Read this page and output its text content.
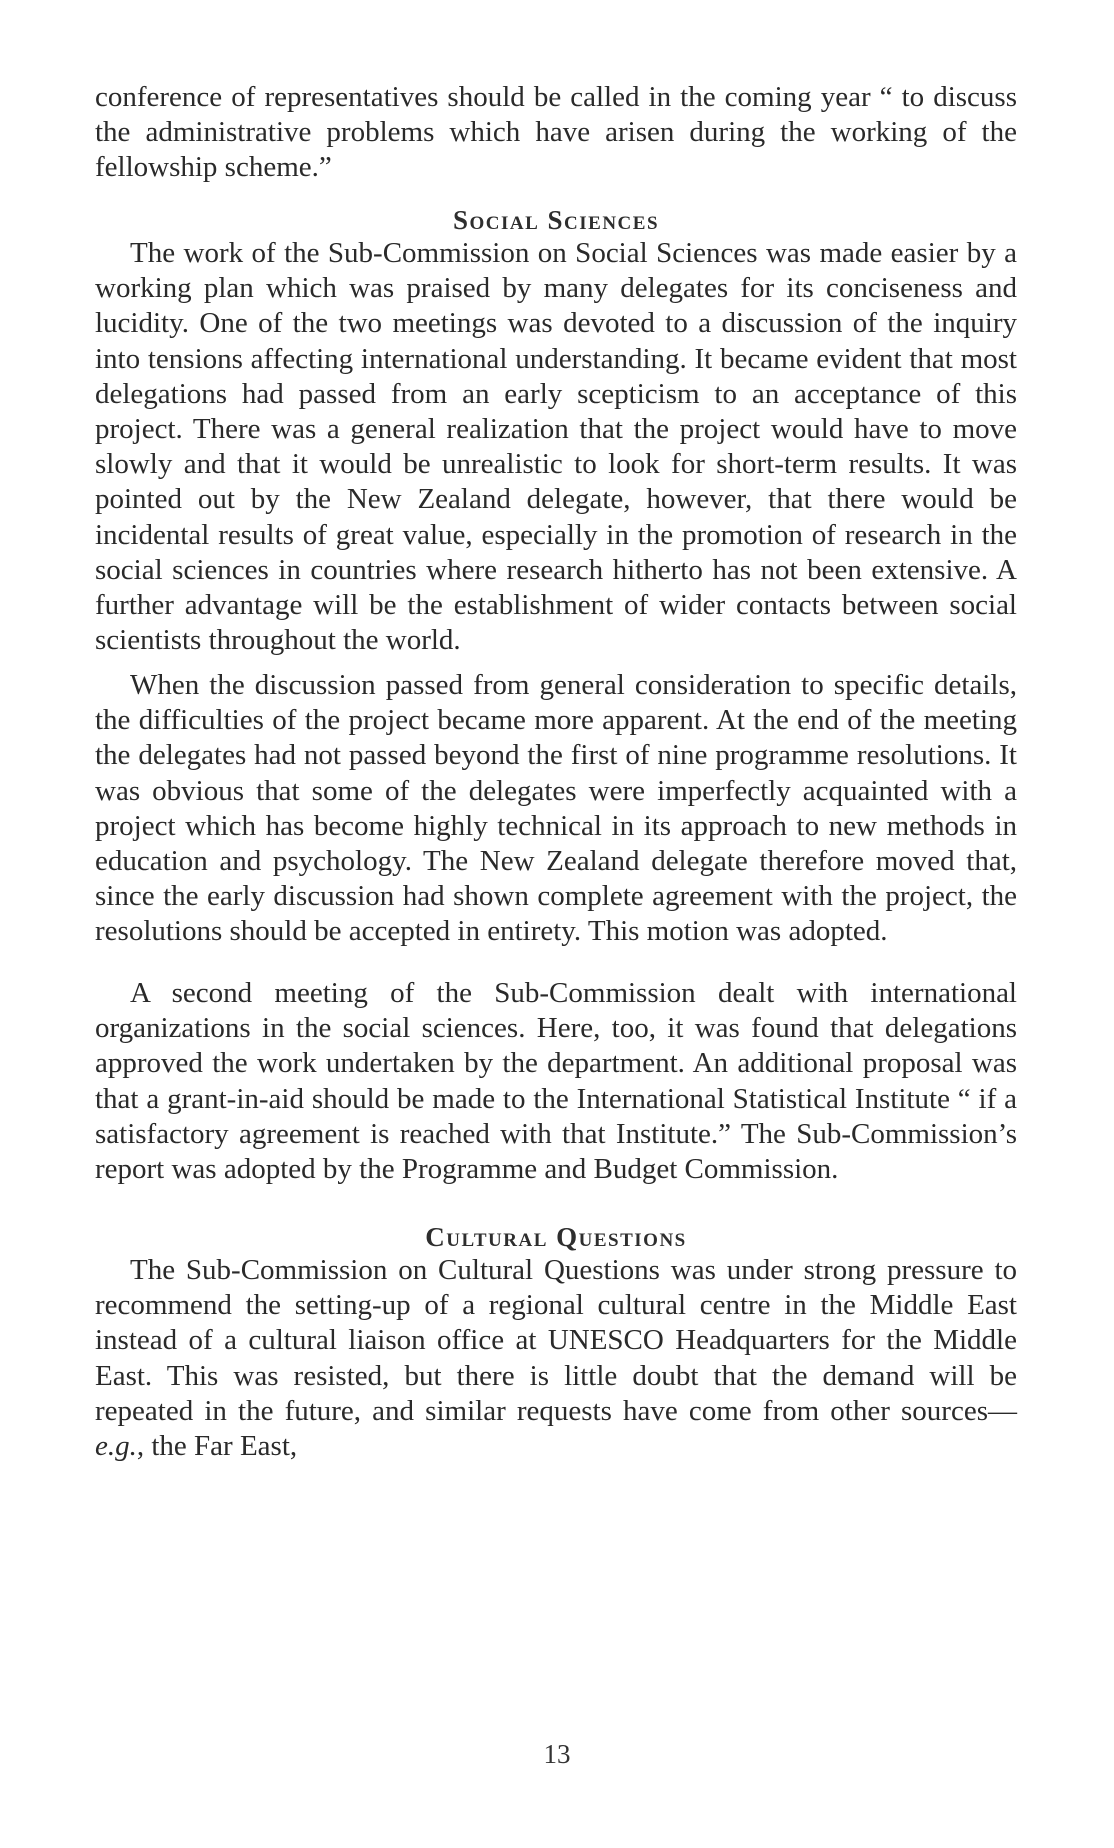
conference of representatives should be called in the coming year “ to discuss the administrative problems which have arisen during the working of the fellowship scheme.”

Social Sciences

The work of the Sub-Commission on Social Sciences was made easier by a working plan which was praised by many delegates for its conciseness and lucidity. One of the two meetings was devoted to a discussion of the inquiry into tensions affecting international understanding. It became evident that most delegations had passed from an early scepticism to an acceptance of this project. There was a general realization that the project would have to move slowly and that it would be unrealistic to look for short-term results. It was pointed out by the New Zealand delegate, however, that there would be incidental results of great value, especially in the promotion of research in the social sciences in countries where research hitherto has not been extensive. A further advantage will be the establishment of wider contacts between social scientists throughout the world.

When the discussion passed from general consideration to specific details, the difficulties of the project became more apparent. At the end of the meeting the delegates had not passed beyond the first of nine programme resolutions. It was obvious that some of the delegates were imperfectly acquainted with a project which has become highly technical in its approach to new methods in education and psychology. The New Zealand delegate therefore moved that, since the early discussion had shown complete agreement with the project, the resolutions should be accepted in entirety. This motion was adopted.

A second meeting of the Sub-Commission dealt with international organizations in the social sciences. Here, too, it was found that delegations approved the work undertaken by the department. An additional proposal was that a grant-in-aid should be made to the International Statistical Institute “ if a satisfactory agreement is reached with that Institute.” The Sub-Commission’s report was adopted by the Programme and Budget Commission.

Cultural Questions

The Sub-Commission on Cultural Questions was under strong pressure to recommend the setting-up of a regional cultural centre in the Middle East instead of a cultural liaison office at UNESCO Headquarters for the Middle East. This was resisted, but there is little doubt that the demand will be repeated in the future, and similar requests have come from other sources—e.g., the Far East,

13
